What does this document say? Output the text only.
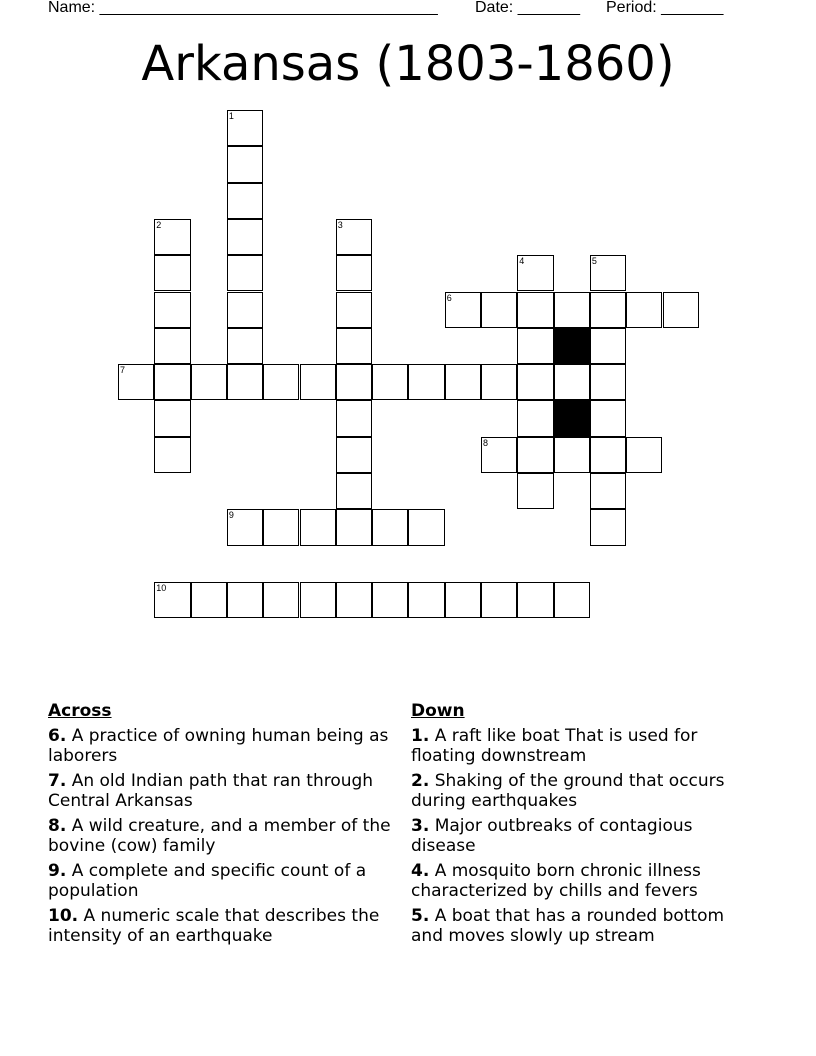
Name: ______________________________________ Date: _______ Period: _______
Arkansas (1803-1860)
1
2	3
4	5
6
7
8
9
10
Across
6. A practice of owning human being as laborers
7. An old Indian path that ran through Central Arkansas
8. A wild creature, and a member of the bovine (cow) family
9. A complete and specific count of a population
10. A numeric scale that describes the intensity of an earthquake
Down
1. A raft like boat That is used for floating downstream
2. Shaking of the ground that occurs during earthquakes
3. Major outbreaks of contagious disease
4. A mosquito born chronic illness characterized by chills and fevers
5. A boat that has a rounded bottom and moves slowly up stream
